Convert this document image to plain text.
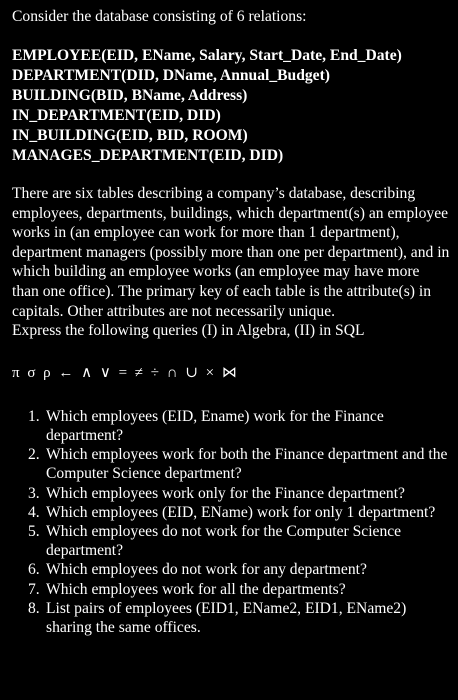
Consider the database consisting of 6 relations:

EMPLOYEE(EID, EName, Salary, Start_Date, End_Date)
DEPARTMENT(DID, DName, Annual_Budget)
BUILDING(BID, BName, Address)
IN_DEPARTMENT(EID, DID)
IN_BUILDING(EID, BID, ROOM)
MANAGES_DEPARTMENT(EID, DID)
There are six tables describing a company’s database, describing employees, departments, buildings, which department(s) an employee works in (an employee can work for more than 1 department), department managers (possibly more than one per department), and in which building an employee works (an employee may have more than one office). The primary key of each table is the attribute(s) in capitals. Other attributes are not necessarily unique.
Express the following queries (I) in Algebra, (II) in SQL
π σ ρ ← ∧ ∨ = ≠ ÷ ∩ ∪ × ⋈
1. Which employees (EID, Ename) work for the Finance department?
2. Which employees work for both the Finance department and the Computer Science department?
3. Which employees work only for the Finance department?
4. Which employees (EID, EName) work for only 1 department?
5. Which employees do not work for the Computer Science department?
6. Which employees do not work for any department?
7. Which employees work for all the departments?
8. List pairs of employees (EID1, EName2, EID1, EName2) sharing the same offices.
